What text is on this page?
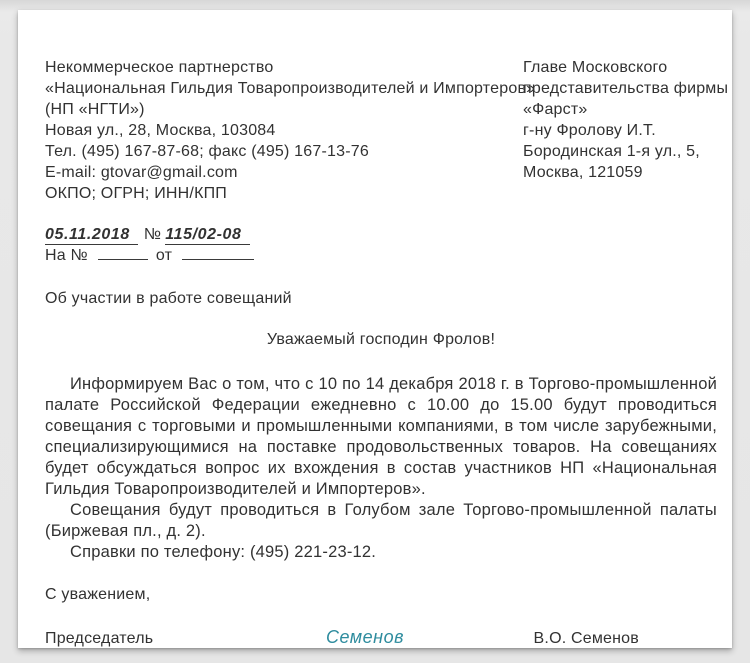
Некоммерческое партнерство
«Национальная Гильдия Товаропроизводителей и Импортеров»
(НП «НГТИ»)
Новая ул., 28, Москва, 103084
Тел. (495) 167-87-68; факс (495) 167-13-76
E-mail: gtovar@gmail.com
ОКПО; ОГРН; ИНН/КПП
Главе Московского
представительства фирмы
«Фарст»
г-ну Фролову И.Т.
Бородинская 1-я ул., 5,
Москва, 121059
05.11.2018 № 115/02-08
На №	от
Об участии в работе совещаний
Уважаемый господин Фролов!

Информируем Вас о том, что с 10 по 14 декабря 2018 г. в Торгово-промышленной палате Российской Федерации ежедневно с 10.00 до 15.00 будут проводиться совещания с торговыми и промышленными компаниями, в том числе зарубежными, специализирующимися на поставке продовольственных товаров. На совещаниях будет обсуждаться вопрос их вхождения в состав участников НП «Национальная Гильдия Товаропроизводителей и Импортеров».

Совещания будут проводиться в Голубом зале Торгово-промышленной палаты (Биржевая пл., д. 2).

Справки по телефону: (495) 221-23-12.

С уважением,
Председатель	Семенов	В.О. Семенов
